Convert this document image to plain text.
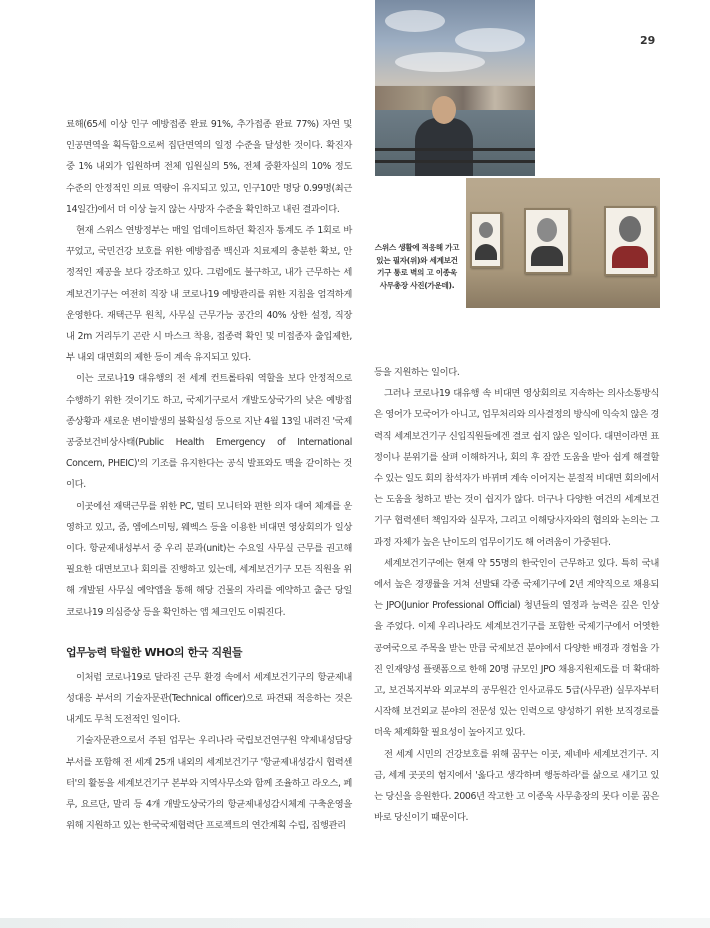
29
스위스 생활에 적응해 가고 있는 필자(위)와 세계보건기구 통로 벽의 고 이종욱 사무총장 사진(가운데).

료해(65세 이상 인구 예방접종 완료 91%, 추가접종 완료 77%) 자연 및 인공면역을 획득함으로써 집단면역의 일정 수준을 달성한 것이다. 확진자 중 1% 내외가 입원하며 전체 입원실의 5%, 전체 중환자실의 10% 정도 수준의 안정적인 의료 역량이 유지되고 있고, 인구10만 명당 0.99명(최근 14일간)에서 더 이상 늘지 않는 사망자 수준을 확인하고 내린 결과이다.

현재 스위스 연방정부는 매일 업데이트하던 확진자 통계도 주 1회로 바꾸었고, 국민건강 보호를 위한 예방접종 백신과 치료제의 충분한 확보, 안정적인 제공을 보다 강조하고 있다. 그럼에도 불구하고, 내가 근무하는 세계보건기구는 여전히 직장 내 코로나19 예방관리를 위한 지침을 엄격하게 운영한다. 재택근무 원칙, 사무실 근무가능 공간의 40% 상한 설정, 직장 내 2m 거리두기 곤란 시 마스크 착용, 접종력 확인 및 미접종자 출입제한, 부 내외 대면회의 제한 등이 계속 유지되고 있다.

이는 코로나19 대유행의 전 세계 컨트롤타워 역할을 보다 안정적으로 수행하기 위한 것이기도 하고, 국제기구로서 개발도상국가의 낮은 예방접종상황과 새로운 변이발생의 불확실성 등으로 지난 4월 13일 내려진 '국제공중보건비상사태(Public Health Emergency of International Concern, PHEIC)'의 기조를 유지한다는 공식 발표와도 맥을 같이하는 것이다.

이곳에선 재택근무를 위한 PC, 멀티 모니터와 편한 의자 대여 체계를 운영하고 있고, 줌, 엠에스미팅, 웨벡스 등을 이용한 비대면 영상회의가 일상이다. 항균제내성부서 중 우리 분과(unit)는 수요일 사무실 근무를 권고해 필요한 대면보고나 회의를 진행하고 있는데, 세계보건기구 모든 직원을 위해 개발된 사무실 예약앱을 통해 해당 건물의 자리를 예약하고 출근 당일 코로나19 의심증상 등을 확인하는 앱 체크인도 이뤄진다.

업무능력 탁월한 WHO의 한국 직원들

이처럼 코로나19로 달라진 근무 환경 속에서 세계보건기구의 항균제내성대응 부서의 기술자문관(Technical officer)으로 파견돼 적응하는 것은 내게도 무척 도전적인 일이다.

기술자문관으로서 주된 업무는 우리나라 국립보건연구원 약제내성담당부서를 포함해 전 세계 25개 내외의 세계보건기구 '항균제내성감시 협력센터'의 활동을 세계보건기구 본부와 지역사무소와 함께 조율하고 라오스, 페루, 요르단, 말리 등 4개 개발도상국가의 항균제내성감시체계 구축운영을 위해 지원하고 있는 한국국제협력단 프로젝트의 연간계획 수립, 집행관리

등을 지원하는 일이다.

그러나 코로나19 대유행 속 비대면 영상회의로 지속하는 의사소통방식은 영어가 모국어가 아니고, 업무처리와 의사결정의 방식에 익숙치 않은 경력직 세계보건기구 신입직원들에겐 결코 쉽지 않은 일이다. 대면이라면 표정이나 분위기를 살펴 이해하거나, 회의 후 잠깐 도움을 받아 쉽게 해결할 수 있는 일도 회의 참석자가 바뀌며 계속 이어지는 분절적 비대면 회의에서는 도움을 청하고 받는 것이 쉽지가 않다. 더구나 다양한 여건의 세계보건기구 협력센터 책임자와 실무자, 그리고 이해당사자와의 협의와 논의는 그 과정 자체가 높은 난이도의 업무이기도 해 어려움이 가중된다.

세계보건기구에는 현재 약 55명의 한국인이 근무하고 있다. 특히 국내에서 높은 경쟁률을 거쳐 선발돼 각종 국제기구에 2년 계약직으로 채용되는 JPO(Junior Professional Official) 청년들의 열정과 능력은 깊은 인상을 주었다. 이제 우리나라도 세계보건기구를 포함한 국제기구에서 어엿한 공여국으로 주목을 받는 만큼 국제보건 분야에서 다양한 배경과 경험을 가진 인재양성 플랫폼으로 한해 20명 규모인 JPO 채용지원제도를 더 확대하고, 보건복지부와 외교부의 공무원간 인사교류도 5급(사무관) 실무자부터 시작해 보건외교 분야의 전문성 있는 인력으로 양성하기 위한 보직경로를 더욱 체계화할 필요성이 높아지고 있다.

전 세계 시민의 건강보호를 위해 꿈꾸는 이곳, 제네바 세계보건기구. 지금, 세계 곳곳의 험지에서 '옳다고 생각하며 행동하라'를 삶으로 새기고 있는 당신을 응원한다. 2006년 작고한 고 이종욱 사무총장의 못다 이룬 꿈은 바로 당신이기 때문이다.
